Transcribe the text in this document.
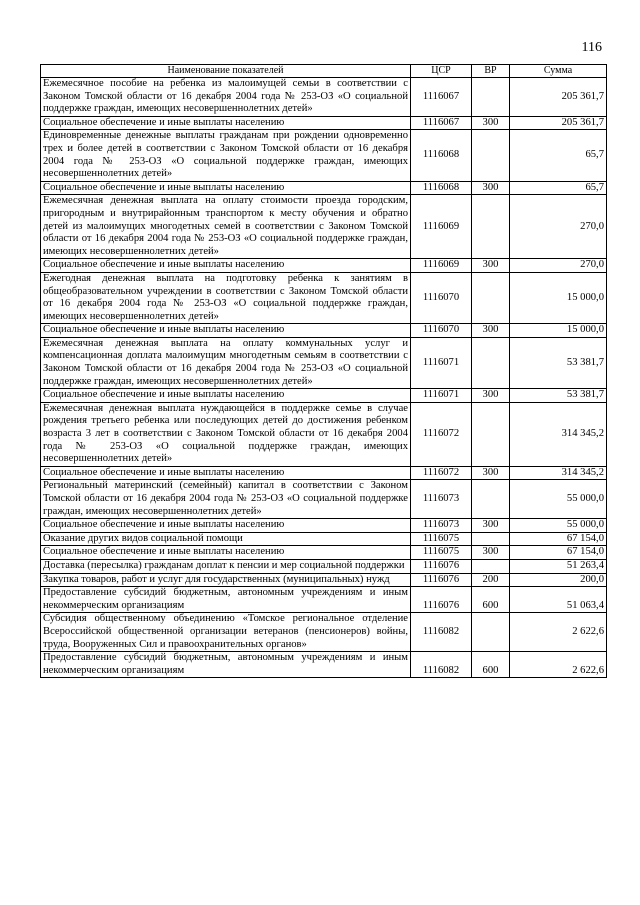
116
Наименование показателей	ЦСР	ВР	Сумма
Ежемесячное пособие на ребенка из малоимущей семьи в соответствии с Законом Томской области от 16 декабря 2004 года № 253-ОЗ «О социальной поддержке граждан, имеющих несовершеннолетних детей»	1116067		205 361,7
Социальное обеспечение и иные выплаты населению	1116067	300	205 361,7
Единовременные денежные выплаты гражданам при рождении одновременно трех и более детей в соответствии с Законом Томской области от 16 декабря 2004 года № 253-ОЗ «О социальной поддержке граждан, имеющих несовершеннолетних детей»	1116068		65,7
Социальное обеспечение и иные выплаты населению	1116068	300	65,7
Ежемесячная денежная выплата на оплату стоимости проезда городским, пригородным и внутрирайонным транспортом к месту обучения и обратно детей из малоимущих многодетных семей в соответствии с Законом Томской области от 16 декабря 2004 года № 253-ОЗ «О социальной поддержке граждан, имеющих несовершеннолетних детей»	1116069		270,0
Социальное обеспечение и иные выплаты населению	1116069	300	270,0
Ежегодная денежная выплата на подготовку ребенка к занятиям в общеобразовательном учреждении в соответствии с Законом Томской области от 16 декабря 2004 года № 253-ОЗ «О социальной поддержке граждан, имеющих несовершеннолетних детей»	1116070		15 000,0
Социальное обеспечение и иные выплаты населению	1116070	300	15 000,0
Ежемесячная денежная выплата на оплату коммунальных услуг и компенсационная доплата малоимущим многодетным семьям в соответствии с Законом Томской области от 16 декабря 2004 года № 253-ОЗ «О социальной поддержке граждан, имеющих несовершеннолетних детей»	1116071		53 381,7
Социальное обеспечение и иные выплаты населению	1116071	300	53 381,7
Ежемесячная денежная выплата нуждающейся в поддержке семье в случае рождения третьего ребенка или последующих детей до достижения ребенком возраста 3 лет в соответствии с Законом Томской области от 16 декабря 2004 года № 253-ОЗ «О социальной поддержке граждан, имеющих несовершеннолетних детей»	1116072		314 345,2
Социальное обеспечение и иные выплаты населению	1116072	300	314 345,2
Региональный материнский (семейный) капитал в соответствии с Законом Томской области от 16 декабря 2004 года № 253-ОЗ «О социальной поддержке граждан, имеющих несовершеннолетних детей»	1116073		55 000,0
Социальное обеспечение и иные выплаты населению	1116073	300	55 000,0
Оказание других видов социальной помощи	1116075		67 154,0
Социальное обеспечение и иные выплаты населению	1116075	300	67 154,0
Доставка (пересылка) гражданам доплат к пенсии и мер социальной поддержки	1116076		51 263,4
Закупка товаров, работ и услуг для государственных (муниципальных) нужд	1116076	200	200,0
Предоставление субсидий бюджетным, автономным учреждениям и иным некоммерческим организациям	1116076	600	51 063,4
Субсидия общественному объединению «Томское региональное отделение Всероссийской общественной организации ветеранов (пенсионеров) войны, труда, Вооруженных Сил и правоохранительных органов»	1116082		2 622,6
Предоставление субсидий бюджетным, автономным учреждениям и иным некоммерческим организациям	1116082	600	2 622,6
